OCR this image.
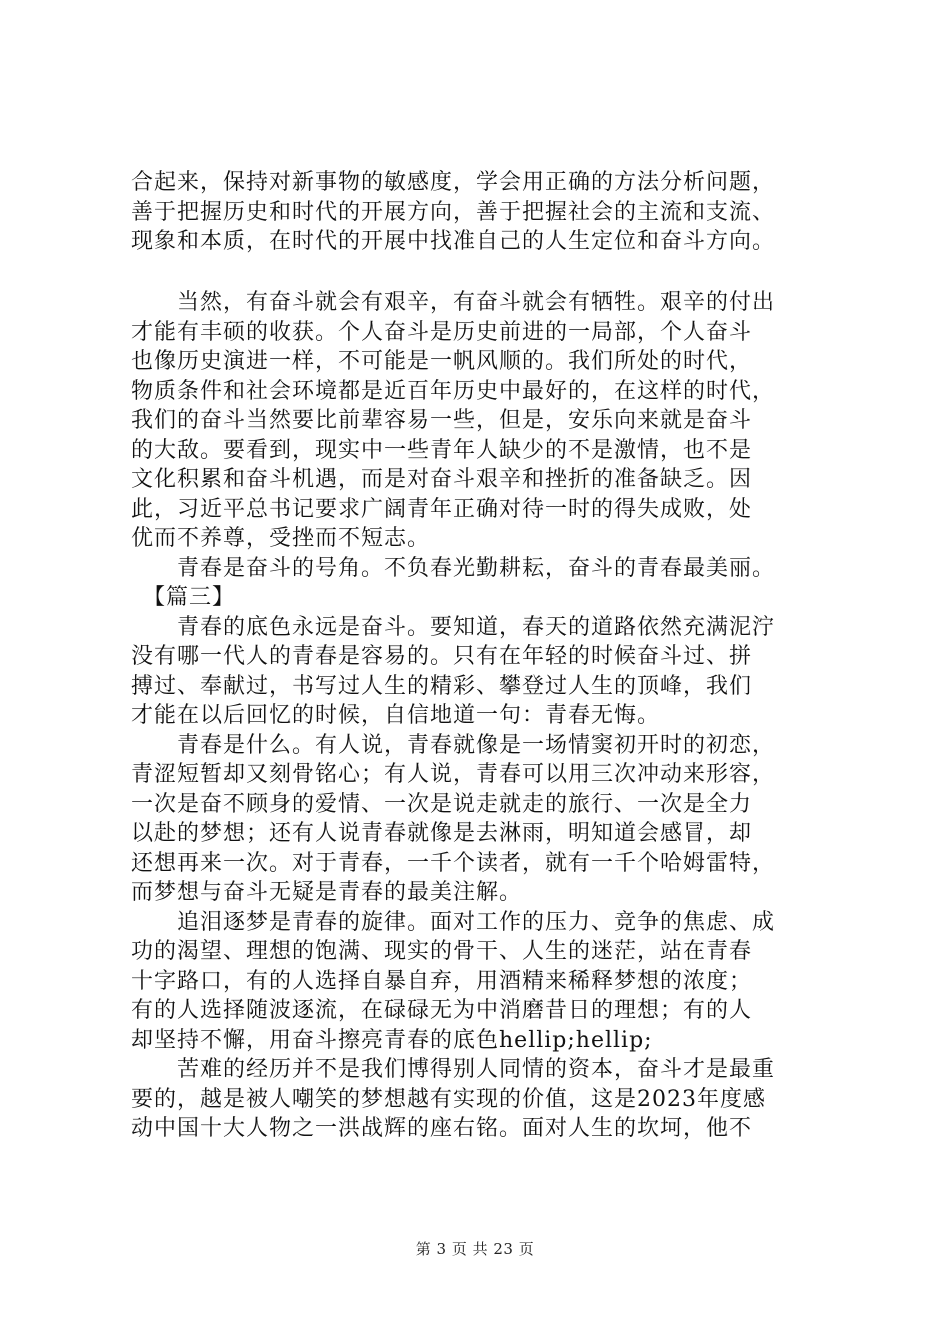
合起来，保持对新事物的敏感度，学会用正确的方法分析问题，
善于把握历史和时代的开展方向，善于把握社会的主流和支流、
现象和本质，在时代的开展中找准自己的人生定位和奋斗方向。
　　当然，有奋斗就会有艰辛，有奋斗就会有牺牲。艰辛的付出
才能有丰硕的收获。个人奋斗是历史前进的一局部，个人奋斗
也像历史演进一样，不可能是一帆风顺的。我们所处的时代，
物质条件和社会环境都是近百年历史中最好的，在这样的时代，
我们的奋斗当然要比前辈容易一些，但是，安乐向来就是奋斗
的大敌。要看到，现实中一些青年人缺少的不是激情，也不是
文化积累和奋斗机遇，而是对奋斗艰辛和挫折的准备缺乏。因
此，习近平总书记要求广阔青年正确对待一时的得失成败，处
优而不养尊，受挫而不短志。
　　青春是奋斗的号角。不负春光勤耕耘，奋斗的青春最美丽。
　【篇三】
　　青春的底色永远是奋斗。要知道，春天的道路依然充满泥泞
没有哪一代人的青春是容易的。只有在年轻的时候奋斗过、拼
搏过、奉献过，书写过人生的精彩、攀登过人生的顶峰，我们
才能在以后回忆的时候，自信地道一句：青春无悔。
　　青春是什么。有人说，青春就像是一场情窦初开时的初恋，
青涩短暂却又刻骨铭心；有人说，青春可以用三次冲动来形容，
一次是奋不顾身的爱情、一次是说走就走的旅行、一次是全力
以赴的梦想；还有人说青春就像是去淋雨，明知道会感冒，却
还想再来一次。对于青春，一千个读者，就有一千个哈姆雷特，
而梦想与奋斗无疑是青春的最美注解。
　　追泪逐梦是青春的旋律。面对工作的压力、竞争的焦虑、成
功的渴望、理想的饱满、现实的骨干、人生的迷茫，站在青春
十字路口，有的人选择自暴自弃，用酒精来稀释梦想的浓度；
有的人选择随波逐流，在碌碌无为中消磨昔日的理想；有的人
却坚持不懈，用奋斗擦亮青春的底色hellip;hellip;
　　苦难的经历并不是我们博得别人同情的资本，奋斗才是最重
要的，越是被人嘲笑的梦想越有实现的价值，这是2023年度感
动中国十大人物之一洪战辉的座右铭。面对人生的坎坷，他不
第 3 页 共 23 页
